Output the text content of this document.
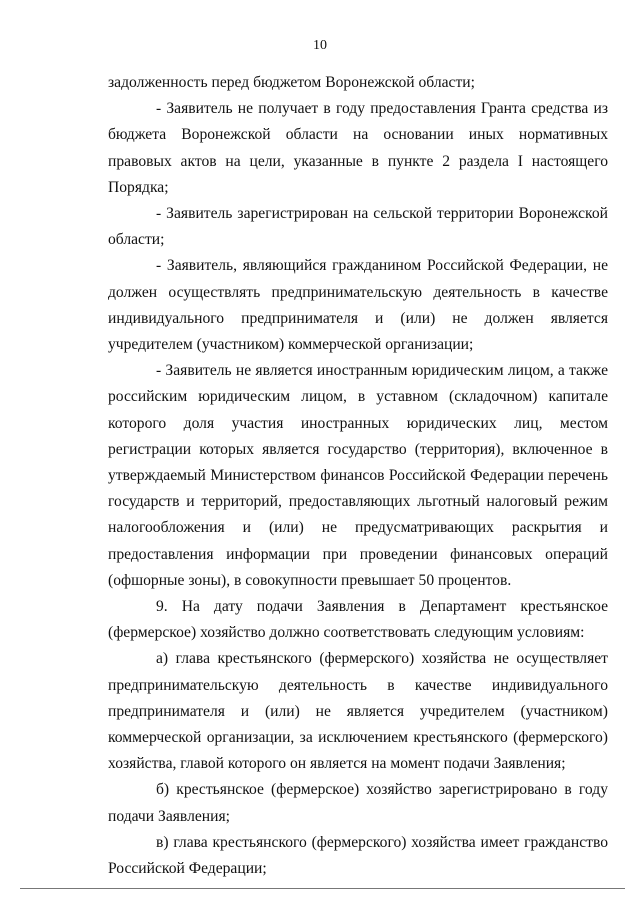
10

задолженность перед бюджетом Воронежской области;

- Заявитель не получает в году предоставления Гранта средства из бюджета Воронежской области на основании иных нормативных правовых актов на цели, указанные в пункте 2 раздела I настоящего Порядка;

- Заявитель зарегистрирован на сельской территории Воронежской области;

- Заявитель, являющийся гражданином Российской Федерации, не должен осуществлять предпринимательскую деятельность в качестве индивидуального предпринимателя и (или) не должен является учредителем (участником) коммерческой организации;

- Заявитель не является иностранным юридическим лицом, а также российским юридическим лицом, в уставном (складочном) капитале которого доля участия иностранных юридических лиц, местом регистрации которых является государство (территория), включенное в утверждаемый Министерством финансов Российской Федерации перечень государств и территорий, предоставляющих льготный налоговый режим налогообложения и (или) не предусматривающих раскрытия и предоставления информации при проведении финансовых операций (офшорные зоны), в совокупности превышает 50 процентов.

9. На дату подачи Заявления в Департамент крестьянское (фермерское) хозяйство должно соответствовать следующим условиям:

а) глава крестьянского (фермерского) хозяйства не осуществляет предпринимательскую деятельность в качестве индивидуального предпринимателя и (или) не является учредителем (участником) коммерческой организации, за исключением крестьянского (фермерского) хозяйства, главой которого он является на момент подачи Заявления;

б) крестьянское (фермерское) хозяйство зарегистрировано в году подачи Заявления;

в) глава крестьянского (фермерского) хозяйства имеет гражданство Российской Федерации;
